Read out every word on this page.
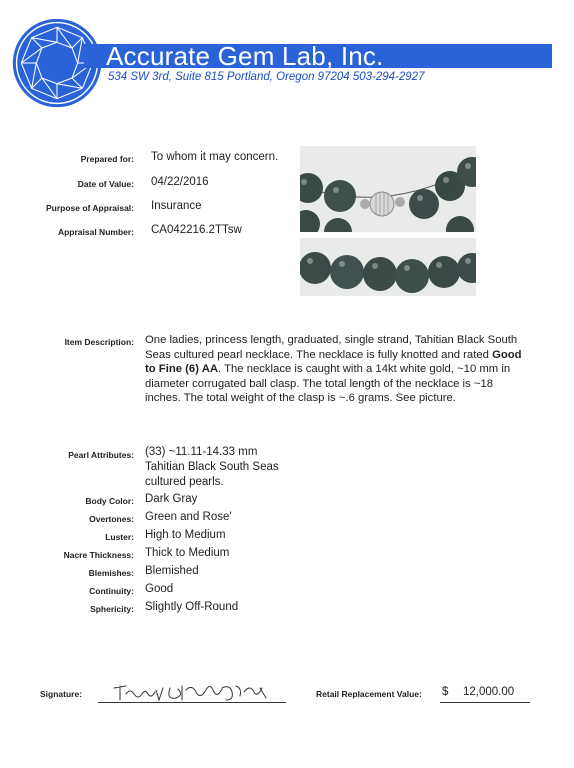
Accurate Gem Lab, Inc.
534 SW 3rd, Suite 815 Portland, Oregon 97204 503-294-2927
Prepared for: To whom it may concern.
Date of Value: 04/22/2016
Purpose of Appraisal: Insurance
Appraisal Number: CA042216.2TTsw
Item Description: One ladies, princess length, graduated, single strand, Tahitian Black South Seas cultured pearl necklace. The necklace is fully knotted and rated Good to Fine (6) AA. The necklace is caught with a 14kt white gold, ~10 mm in diameter corrugated ball clasp. The total length of the necklace is ~18 inches. The total weight of the clasp is ~.6 grams. See picture.
Pearl Attributes: (33) ~11.11-14.33 mm
Tahitian Black South Seas
cultured pearls.
Body Color: Dark Gray
Overtones: Green and Rose'
Luster: High to Medium
Nacre Thickness: Thick to Medium
Blemishes: Blemished
Continuity: Good
Sphericity: Slightly Off-Round
Signature:	Retail Replacement Value: $ 12,000.00
